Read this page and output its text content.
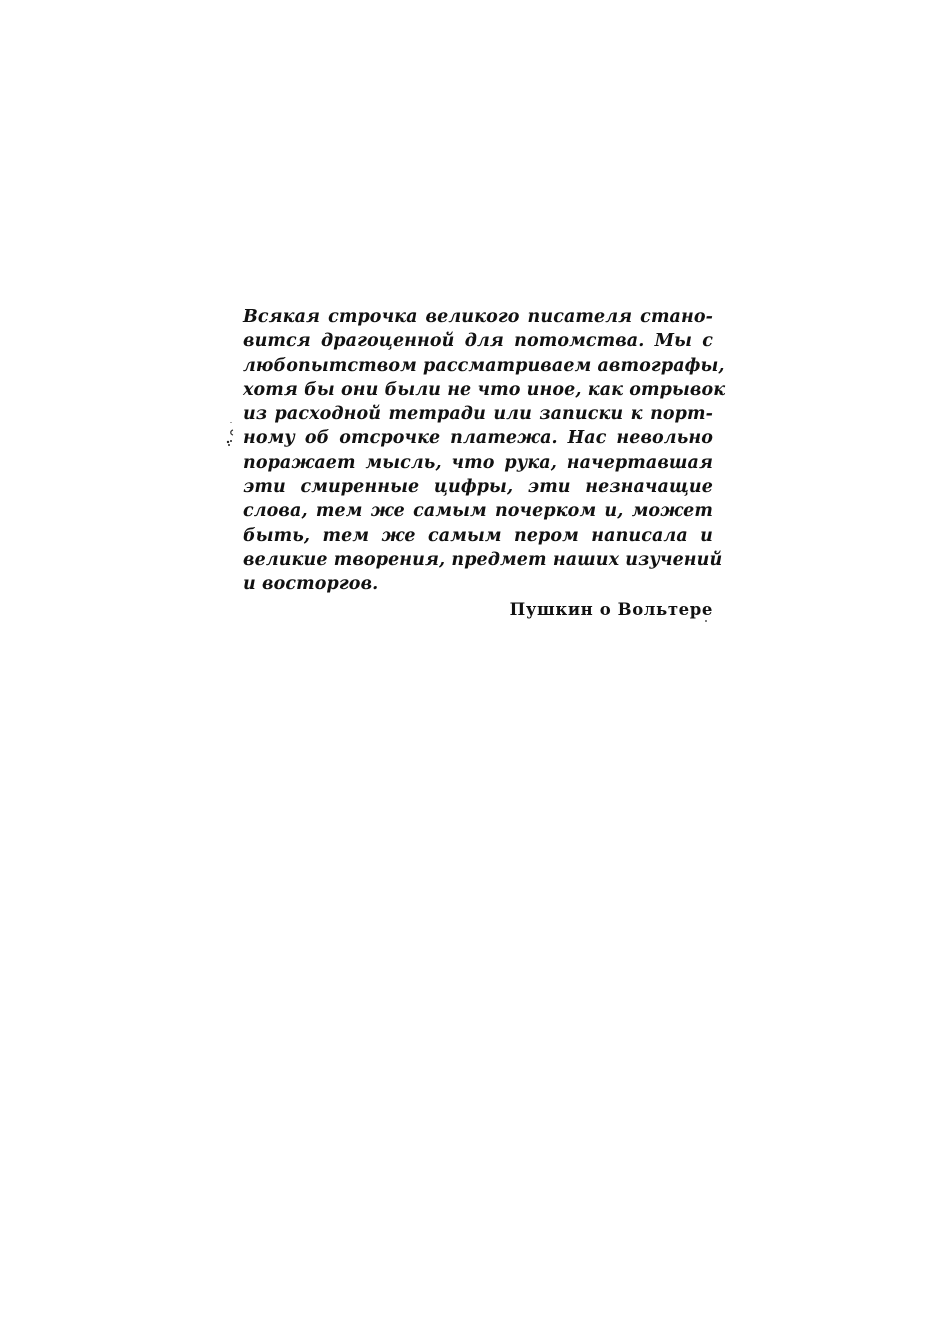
Всякая строчка великого писателя стано-
вится драгоценной для потомства. Мы с
любопытством рассматриваем автографы,
хотя бы они были не что иное, как отрывок
из расходной тетради или записки к порт-
ному об отсрочке платежа. Нас невольно
поражает мысль, что рука, начертавшая
эти смиренные цифры, эти незначащие
слова, тем же самым почерком и, может
быть, тем же самым пером написала и
великие творения, предмет наших изучений
и восторгов.

Пушкин о Вольтере
